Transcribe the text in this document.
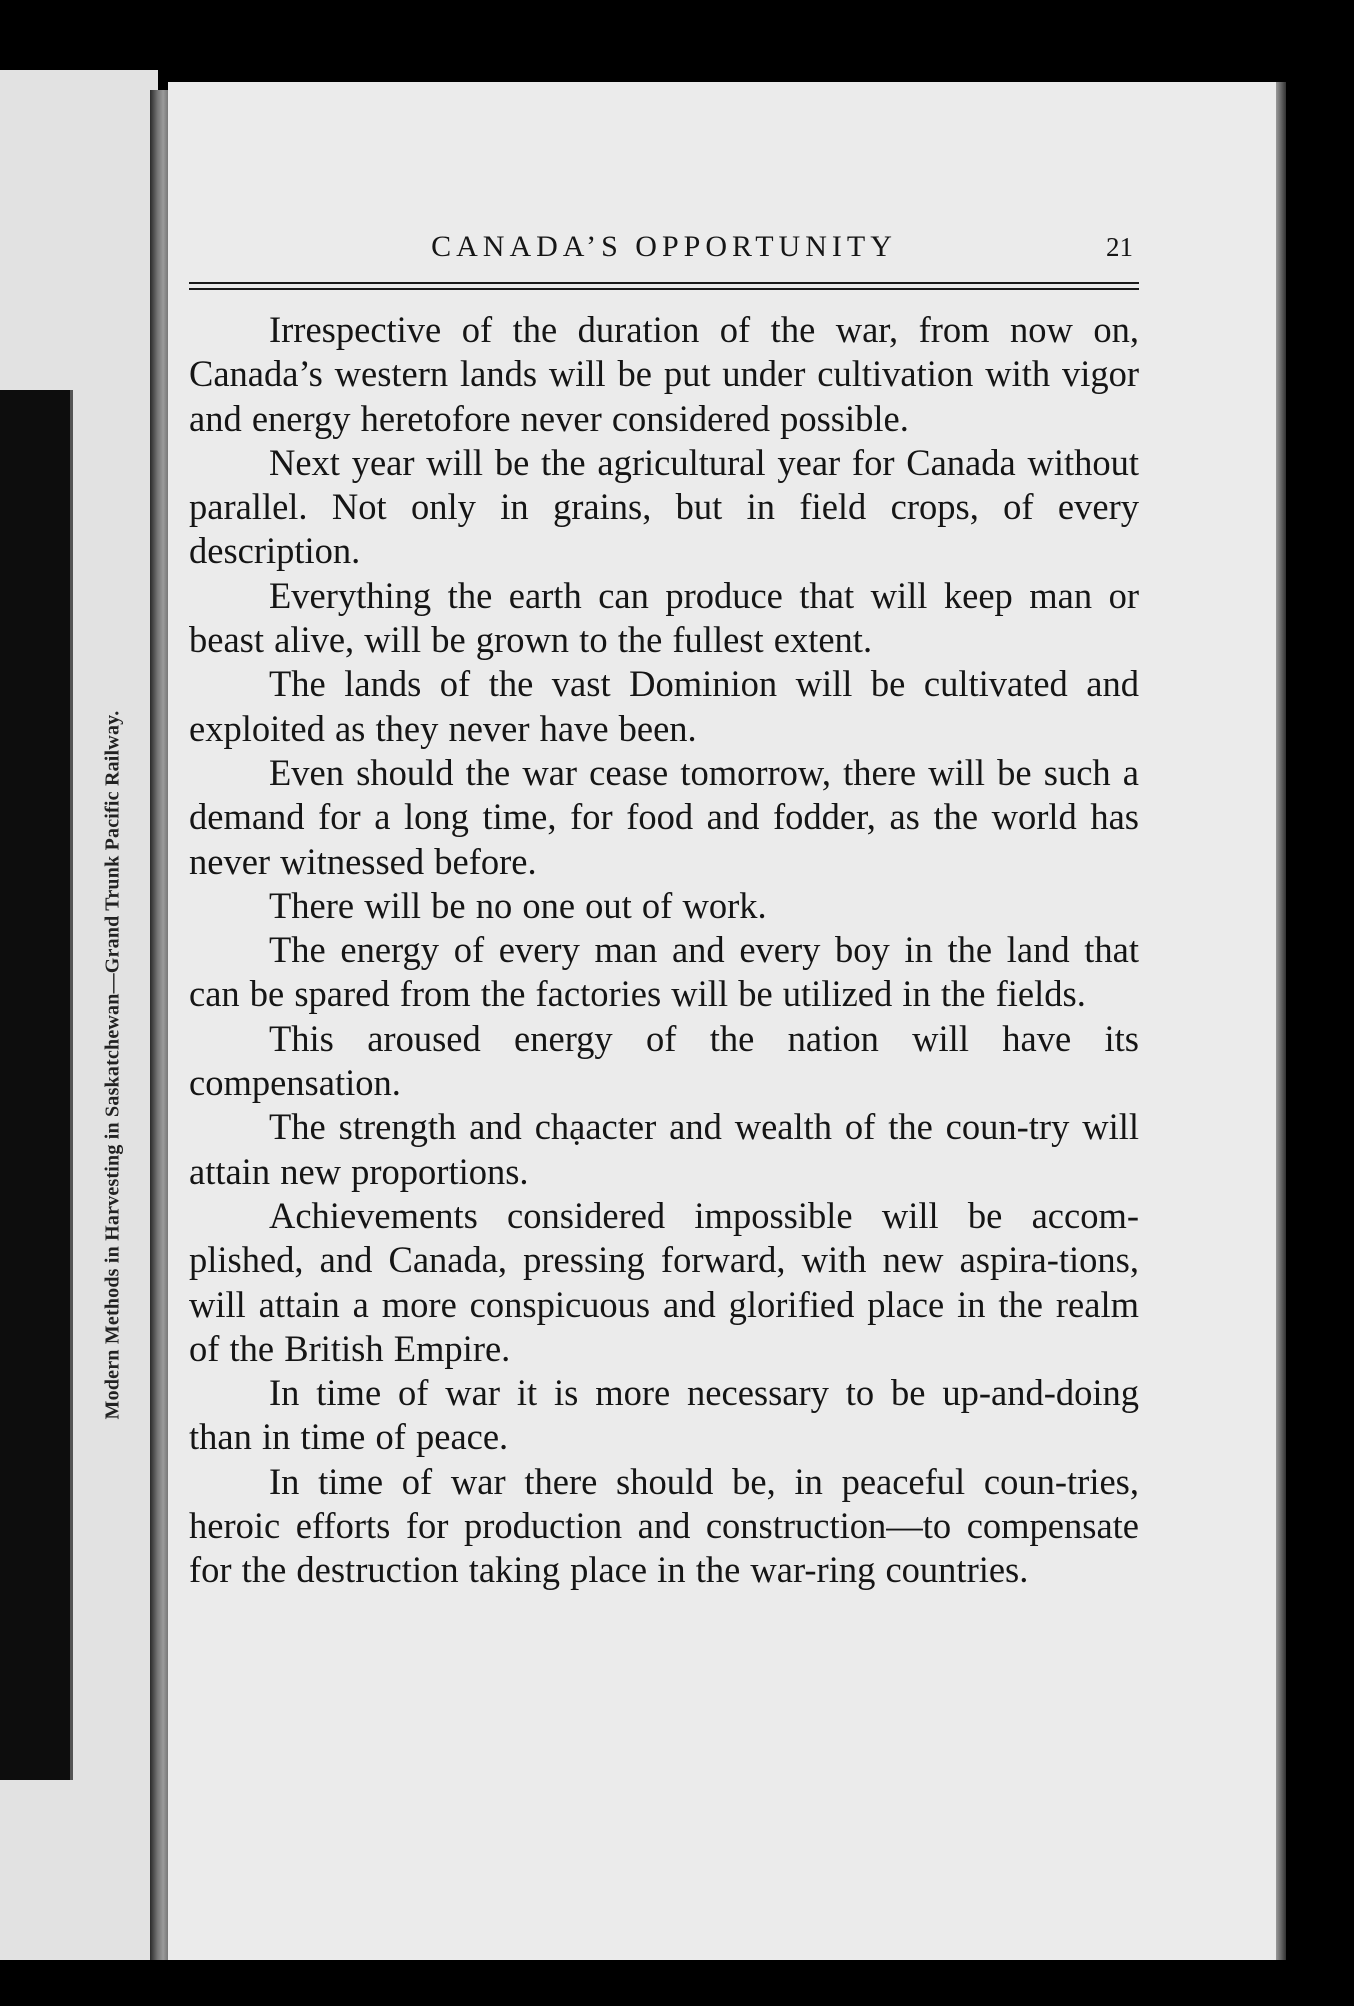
Modern Methods in Harvesting in Saskatchewan—Grand Trunk Pacific Railway.
CANADA’S OPPORTUNITY	21

Irrespective of the duration of the war, from now on, Canada’s western lands will be put under cultivation with vigor and energy heretofore never considered possible.

Next year will be the agricultural year for Canada without parallel. Not only in grains, but in field crops, of every description.

Everything the earth can produce that will keep man or beast alive, will be grown to the fullest extent.

The lands of the vast Dominion will be cultivated and exploited as they never have been.

Even should the war cease tomorrow, there will be such a demand for a long time, for food and fodder, as the world has never witnessed before.

There will be no one out of work.

The energy of every man and every boy in the land that can be spared from the factories will be utilized in the fields.

This aroused energy of the nation will have its compensation.

The strength and chạacter and wealth of the coun-try will attain new proportions.

Achievements considered impossible will be accom-plished, and Canada, pressing forward, with new aspira-tions, will attain a more conspicuous and glorified place in the realm of the British Empire.

In time of war it is more necessary to be up-and-doing than in time of peace.

In time of war there should be, in peaceful coun-tries, heroic efforts for production and construction—to compensate for the destruction taking place in the war-ring countries.
